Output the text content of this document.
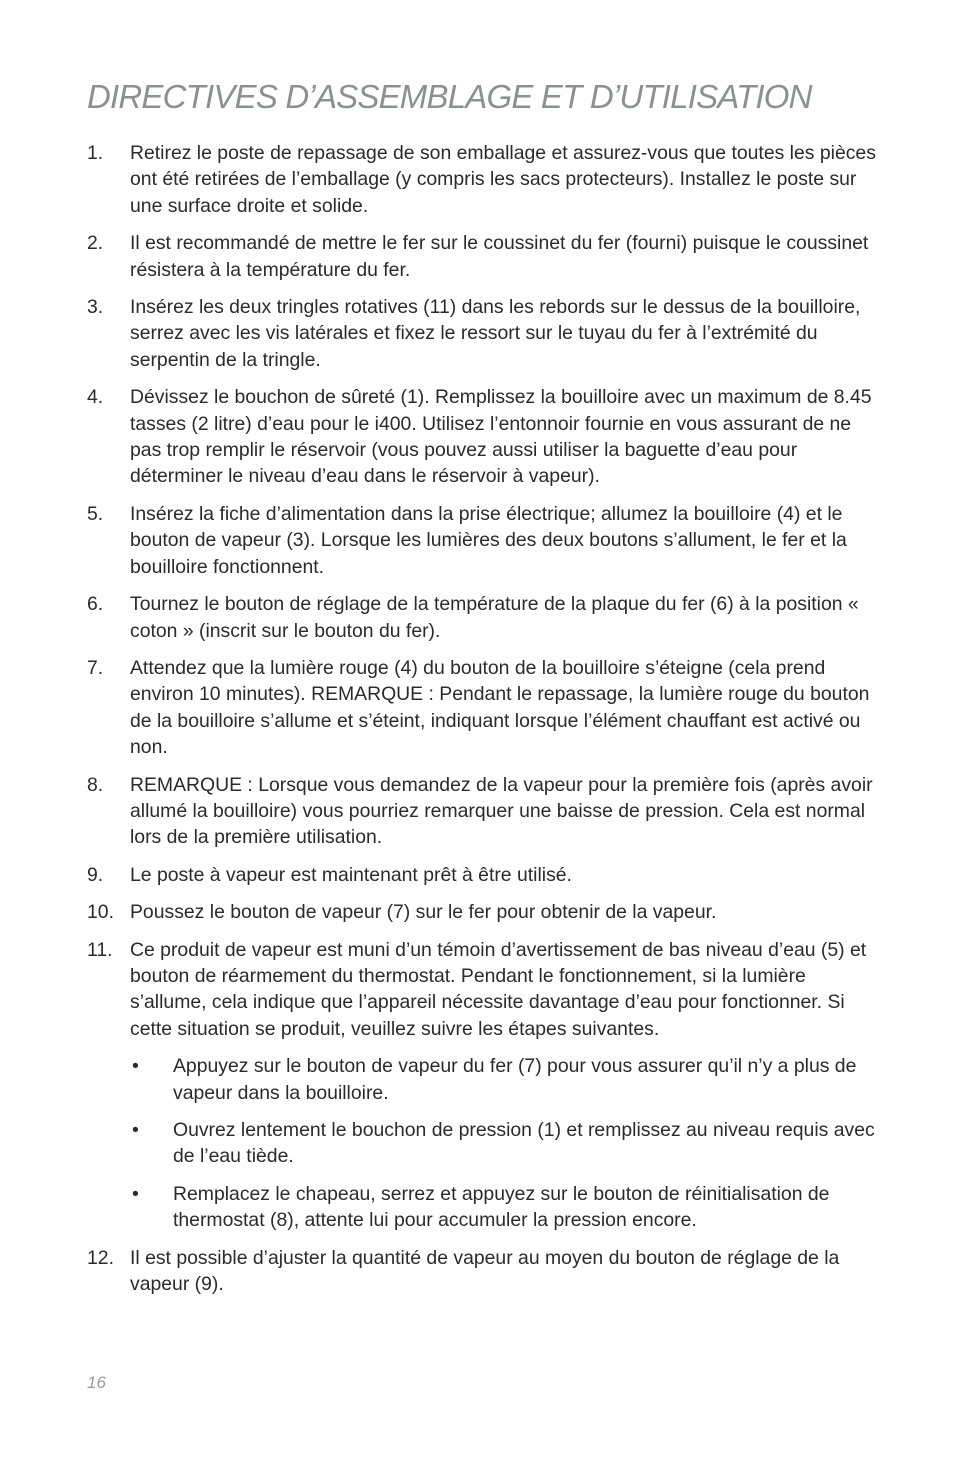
DIRECTIVES D’ASSEMBLAGE ET D’UTILISATION
1. Retirez le poste de repassage de son emballage et assurez-vous que toutes les pièces ont été retirées de l’emballage (y compris les sacs protecteurs). Installez le poste sur une surface droite et solide.
2. Il est recommandé de mettre le fer sur le coussinet du fer (fourni) puisque le coussinet résistera à la température du fer.
3. Insérez les deux tringles rotatives (11) dans les rebords sur le dessus de la bouilloire, serrez avec les vis latérales et fixez le ressort sur le tuyau du fer à l’extrémité du serpentin de la tringle.
4. Dévissez le bouchon de sûreté (1). Remplissez la bouilloire avec un maximum de 8.45 tasses (2 litre) d’eau pour le i400. Utilisez l’entonnoir fournie en vous assurant de ne pas trop remplir le réservoir (vous pouvez aussi utiliser la baguette d’eau pour déterminer le niveau d’eau dans le réservoir à vapeur).
5. Insérez la fiche d’alimentation dans la prise électrique; allumez la bouilloire (4) et le bouton de vapeur (3). Lorsque les lumières des deux boutons s’allument, le fer et la bouilloire fonctionnent.
6. Tournez le bouton de réglage de la température de la plaque du fer (6) à la position « coton » (inscrit sur le bouton du fer).
7. Attendez que la lumière rouge (4) du bouton de la bouilloire s’éteigne (cela prend environ 10 minutes). REMARQUE : Pendant le repassage, la lumière rouge du bouton de la bouilloire s’allume et s’éteint, indiquant lorsque l’élément chauffant est activé ou non.
8. REMARQUE : Lorsque vous demandez de la vapeur pour la première fois (après avoir allumé la bouilloire) vous pourriez remarquer une baisse de pression. Cela est normal lors de la première utilisation.
9. Le poste à vapeur est maintenant prêt à être utilisé.
10. Poussez le bouton de vapeur (7) sur le fer pour obtenir de la vapeur.
11. Ce produit de vapeur est muni d’un témoin d’avertissement de bas niveau d’eau (5) et bouton de réarmement du thermostat. Pendant le fonctionnement, si la lumière s’allume, cela indique que l’appareil nécessite davantage d’eau pour fonctionner. Si cette situation se produit, veuillez suivre les étapes suivantes.
• Appuyez sur le bouton de vapeur du fer (7) pour vous assurer qu’il n’y a plus de vapeur dans la bouilloire.
• Ouvrez lentement le bouchon de pression (1) et remplissez au niveau requis avec de l’eau tiède.
• Remplacez le chapeau, serrez et appuyez sur le bouton de réinitialisation de thermostat (8), attente lui pour accumuler la pression encore.
12. Il est possible d’ajuster la quantité de vapeur au moyen du bouton de réglage de la vapeur (9).
16
